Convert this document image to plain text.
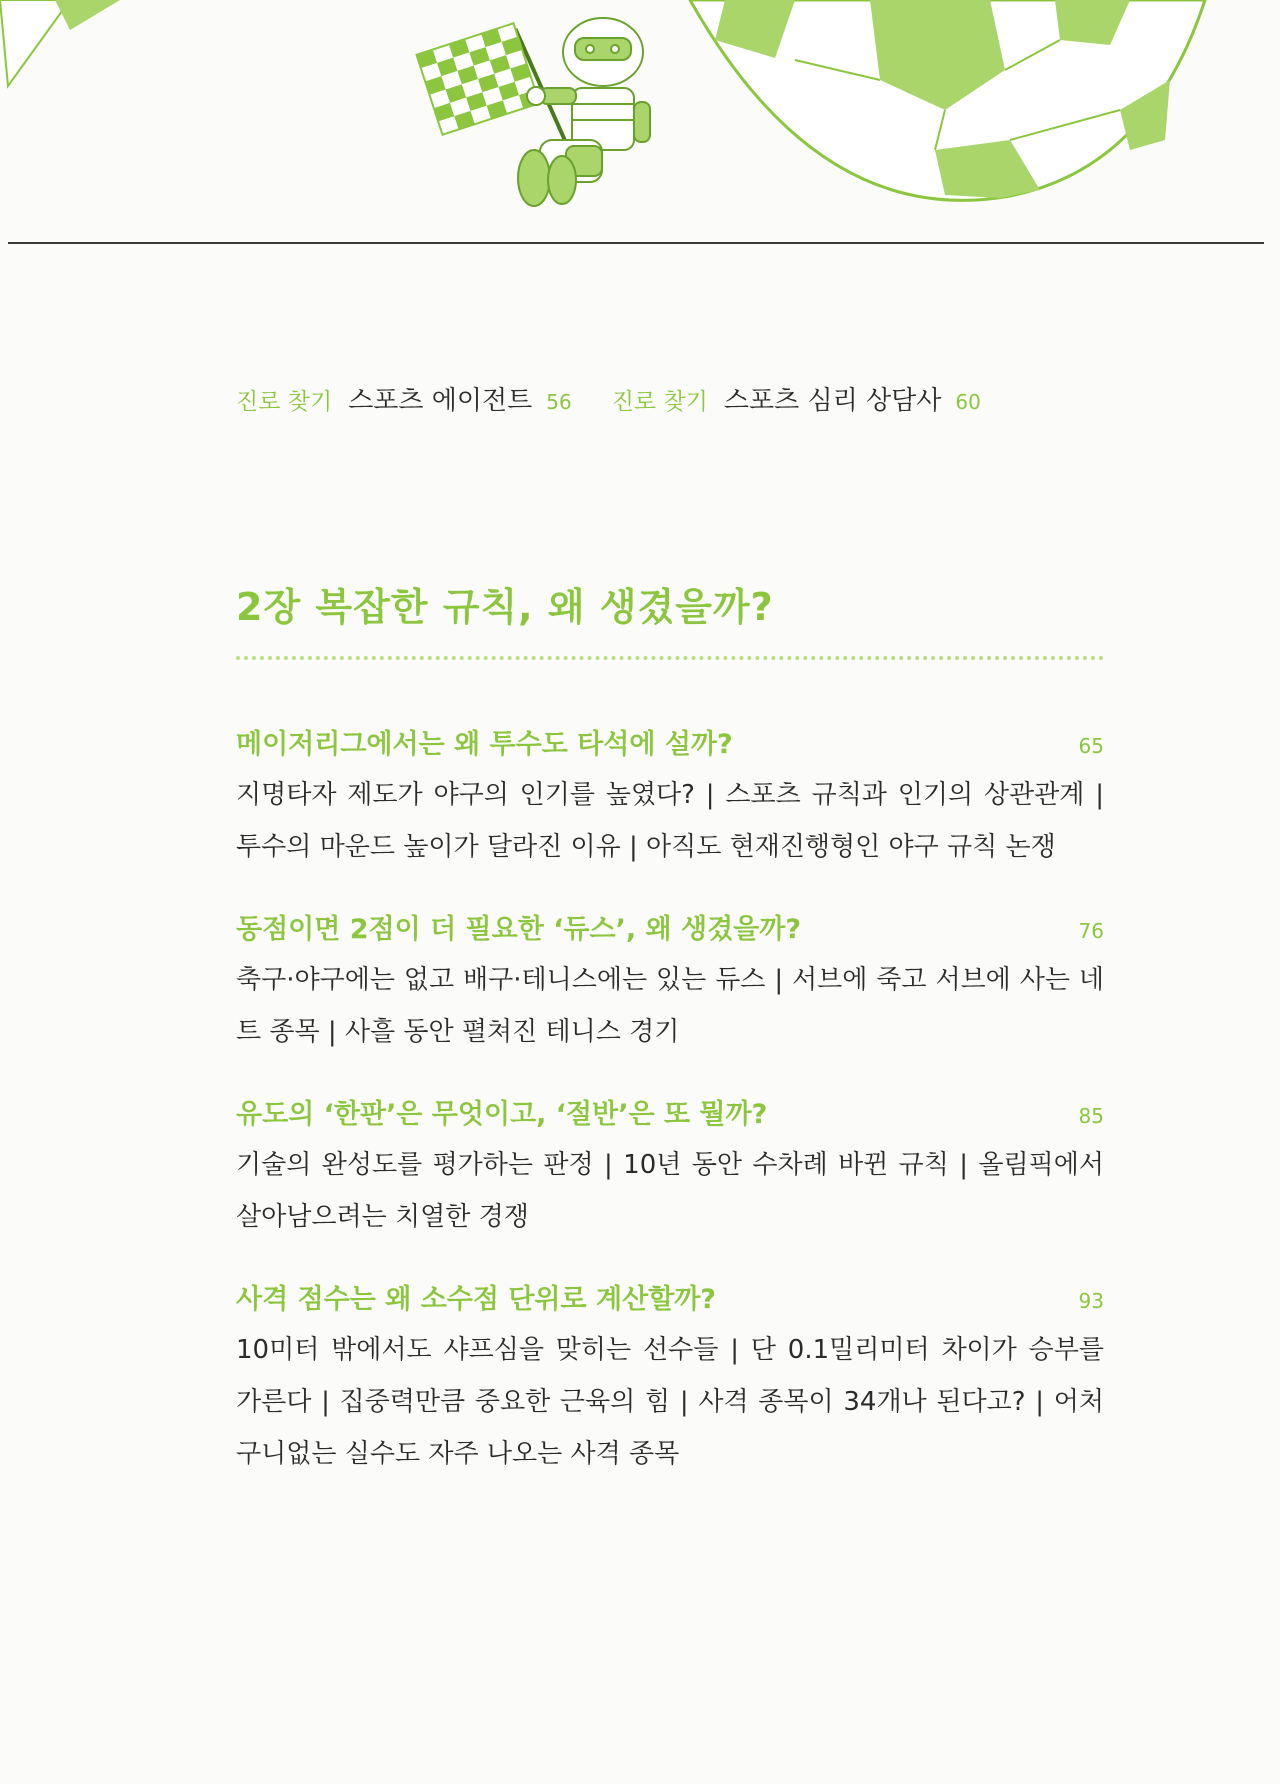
진로 찾기 스포츠 에이전트 56 진로 찾기 스포츠 심리 상담사 60
2장 복잡한 규칙, 왜 생겼을까?
메이저리그에서는 왜 투수도 타석에 설까?	65
지명타자 제도가 야구의 인기를 높였다? | 스포츠 규칙과 인기의 상관관계 | 투수의 마운드 높이가 달라진 이유 | 아직도 현재진행형인 야구 규칙 논쟁
동점이면 2점이 더 필요한 ‘듀스’, 왜 생겼을까?	76
축구·야구에는 없고 배구·테니스에는 있는 듀스 | 서브에 죽고 서브에 사는 네트 종목 | 사흘 동안 펼쳐진 테니스 경기
유도의 ‘한판’은 무엇이고, ‘절반’은 또 뭘까?	85
기술의 완성도를 평가하는 판정 | 10년 동안 수차례 바뀐 규칙 | 올림픽에서 살아남으려는 치열한 경쟁
사격 점수는 왜 소수점 단위로 계산할까?	93
10미터 밖에서도 샤프심을 맞히는 선수들 | 단 0.1밀리미터 차이가 승부를 가른다 | 집중력만큼 중요한 근육의 힘 | 사격 종목이 34개나 된다고? | 어처구니없는 실수도 자주 나오는 사격 종목
